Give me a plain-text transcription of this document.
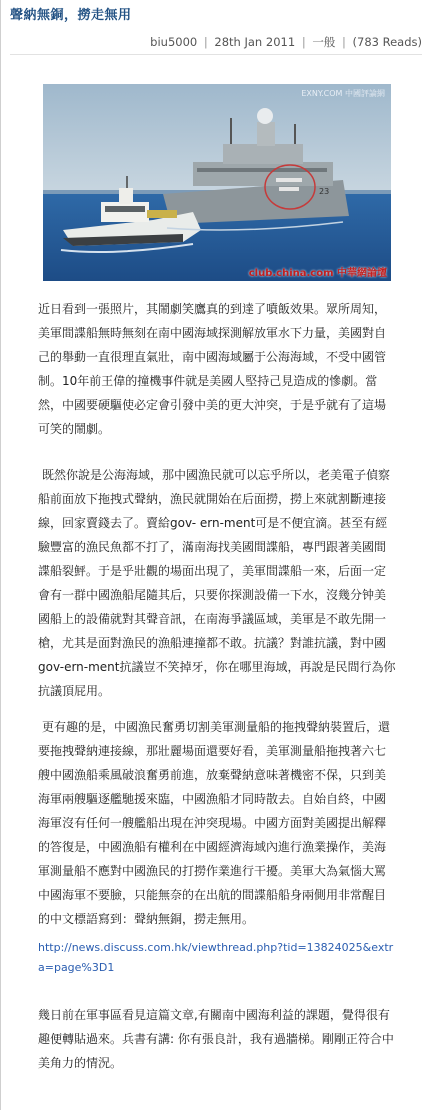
聲納無銅，撈走無用
biu5000 | 28th Jan 2011 | 一般 | (783 Reads)
23
EXNY.COM 中國評論網
club.china.com 中華網論壇
近日看到一張照片，其鬧劇笑鷹真的到達了噴飯效果。眾所周知，美軍間諜船無時無刻在南中國海域探測解放軍水下力量，美國對自己的舉動一直很理直氣壯，南中國海域屬于公海海域，不受中國管制。10年前王偉的撞機事件就是美國人堅持己見造成的慘劇。當然，中國要硬驅使必定會引發中美的更大沖突，于是乎就有了這場可笑的鬧劇。
既然你說是公海海域，那中國漁民就可以忘乎所以，老美電子偵察船前面放下拖拽式聲納，漁民就開始在后面撈，撈上來就割斷連接線，回家賣錢去了。賣給gov- ern-ment可是不便宜滴。甚至有經驗豐富的漁民魚都不打了，滿南海找美國間諜船，專門跟著美國間諜船裂鮃。于是乎壯觀的場面出現了，美軍間諜船一來，后面一定會有一群中國漁船尾隨其后，只要你探測設備一下水，沒幾分钟美國船上的設備就對其聲音訊，在南海爭議區域，美軍是不敢先開一槍，尤其是面對漁民的漁船連撞都不敢。抗議？對誰抗議，對中國gov-ern-ment抗議豈不笑掉牙，你在哪里海域，再說是民間行為你抗議頂屁用。
更有趣的是，中國漁民奮勇切割美軍測量船的拖拽聲納裝置后，還要拖拽聲納連接線，那壯麗場面還要好看，美軍測量船拖拽著六七艘中國漁船乘風破浪奮勇前進，放棄聲納意味著機密不保，只到美海軍兩艘驅逐艦馳援來臨，中國漁船才同時散去。自始自終，中國海軍沒有任何一艘艦船出現在沖突現場。中國方面對美國提出解釋的答復是，中國漁船有權利在中國經濟海域內進行漁業操作，美海軍測量船不應對中國漁民的打撈作業進行干擾。美軍大為氣惱大罵中國海軍不要臉，只能無奈的在出航的間諜船船身兩側用非常醒目的中文標語寫到：聲納無銅，撈走無用。
http://news.discuss.com.hk/viewthread.php?tid=13824025&extra=page%3D1
幾日前在軍事區看見這篇文章,有關南中國海利益的課題，覺得很有趣便轉貼過來。兵書有講: 你有張良計，我有過牆梯。剛剛正符合中美角力的情況。
